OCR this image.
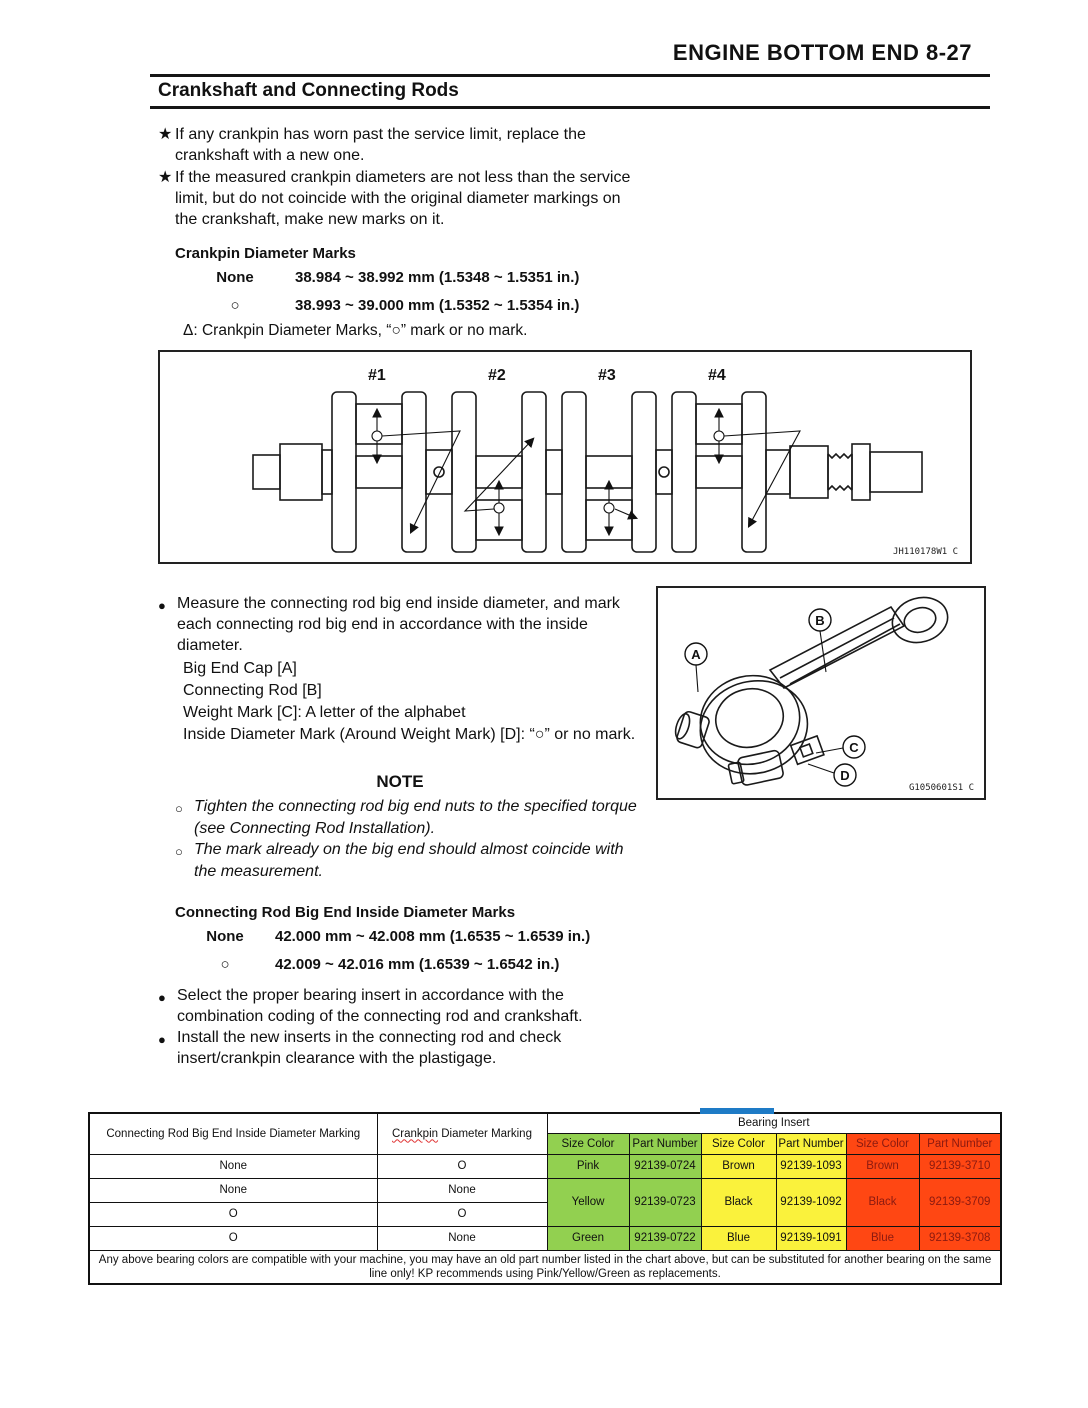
ENGINE BOTTOM END 8-27
Crankshaft and Connecting Rods
★ If any crankpin has worn past the service limit, replace the crankshaft with a new one.
★ If the measured crankpin diameters are not less than the service limit, but do not coincide with the original diameter markings on the crankshaft, make new marks on it.
Crankpin Diameter Marks
None	38.984 ~ 38.992 mm (1.5348 ~ 1.5351 in.)
○	38.993 ~ 39.000 mm (1.5352 ~ 1.5354 in.)
Δ: Crankpin Diameter Marks, “○” mark or no mark.
#1	#2	#3	#4
JH110178W1 C
● Measure the connecting rod big end inside diameter, and mark each connecting rod big end in accordance with the inside diameter.
Big End Cap [A]
Connecting Rod [B]
Weight Mark [C]: A letter of the alphabet
Inside Diameter Mark (Around Weight Mark) [D]: “○” or no mark.
NOTE
○ Tighten the connecting rod big end nuts to the specified torque (see Connecting Rod Installation).
○ The mark already on the big end should almost coincide with the measurement.
Connecting Rod Big End Inside Diameter Marks
None	42.000 mm ~ 42.008 mm (1.6535 ~ 1.6539 in.)
○	42.009 ~ 42.016 mm (1.6539 ~ 1.6542 in.)
● Select the proper bearing insert in accordance with the combination coding of the connecting rod and crankshaft.
● Install the new inserts in the connecting rod and check insert/crankpin clearance with the plastigage.
A
B
C
D
G1050601S1 C
Connecting Rod Big End Inside Diameter Marking	Crankpin Diameter Marking	Bearing Insert					
		Size Color	Part Number	Size Color	Part Number	Size Color	Part Number
None	O	Pink	92139-0724	Brown	92139-1093	Brown	92139-3710
None	None	Yellow	92139-0723	Black	92139-1092	Black	92139-3709
O	O						
O	None	Green	92139-0722	Blue	92139-1091	Blue	92139-3708
Any above bearing colors are compatible with your machine, you may have an old part number listed in the chart above, but can be substituted for another bearing on the same line only! KP recommends using Pink/Yellow/Green as replacements.							
